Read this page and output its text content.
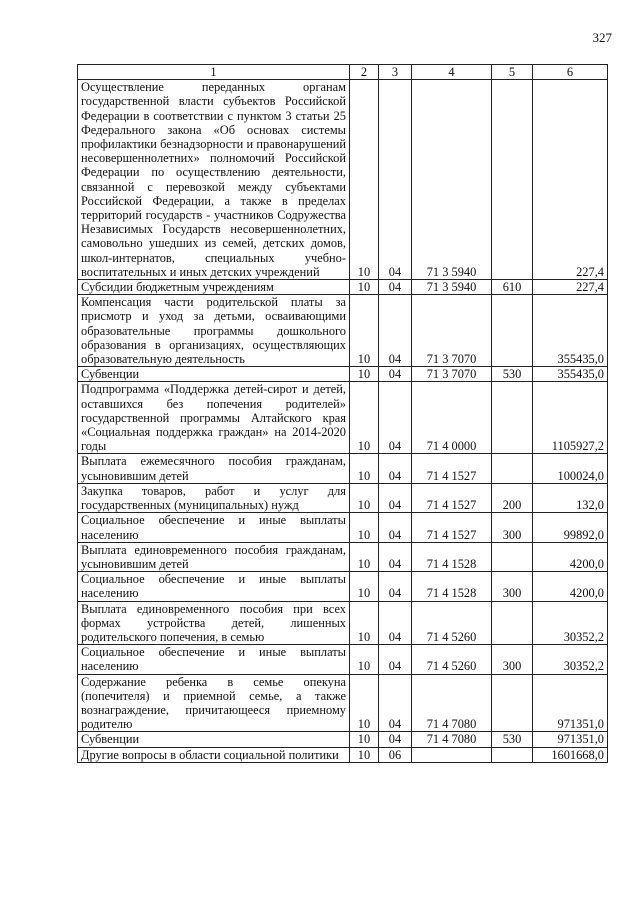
327
1	2	3	4	5	6
Осуществление переданных органам государственной власти субъектов Российской Федерации в соответствии с пунктом 3 статьи 25 Федерального закона «Об основах системы профилактики безнадзорности и правонарушений несовершеннолетних» полномочий Российской Федерации по осуществлению деятельности, связанной с перевозкой между субъектами Российской Федерации, а также в пределах территорий государств - участников Содружества Независимых Государств несовершеннолетних, самовольно ушедших из семей, детских домов, школ-интернатов, специальных учебно-воспитательных и иных детских учреждений	10	04	71 3 5940		227,4
Субсидии бюджетным учреждениям	10	04	71 3 5940	610	227,4
Компенсация части родительской платы за присмотр и уход за детьми, осваивающими образовательные программы дошкольного образования в организациях, осуществляющих образовательную деятельность	10	04	71 3 7070		355435,0
Субвенции	10	04	71 3 7070	530	355435,0
Подпрограмма «Поддержка детей-сирот и детей, оставшихся без попечения родителей» государственной программы Алтайского края «Социальная поддержка граждан» на 2014-2020 годы	10	04	71 4 0000		1105927,2
Выплата ежемесячного пособия гражданам, усыновившим детей	10	04	71 4 1527		100024,0
Закупка товаров, работ и услуг для государственных (муниципальных) нужд	10	04	71 4 1527	200	132,0
Социальное обеспечение и иные выплаты населению	10	04	71 4 1527	300	99892,0
Выплата единовременного пособия гражданам, усыновившим детей	10	04	71 4 1528		4200,0
Социальное обеспечение и иные выплаты населению	10	04	71 4 1528	300	4200,0
Выплата единовременного пособия при всех формах устройства детей, лишенных родительского попечения, в семью	10	04	71 4 5260		30352,2
Социальное обеспечение и иные выплаты населению	10	04	71 4 5260	300	30352,2
Содержание ребенка в семье опекуна (попечителя) и приемной семье, а также вознаграждение, причитающееся приемному родителю	10	04	71 4 7080		971351,0
Субвенции	10	04	71 4 7080	530	971351,0
Другие вопросы в области социальной политики	10	06			1601668,0
